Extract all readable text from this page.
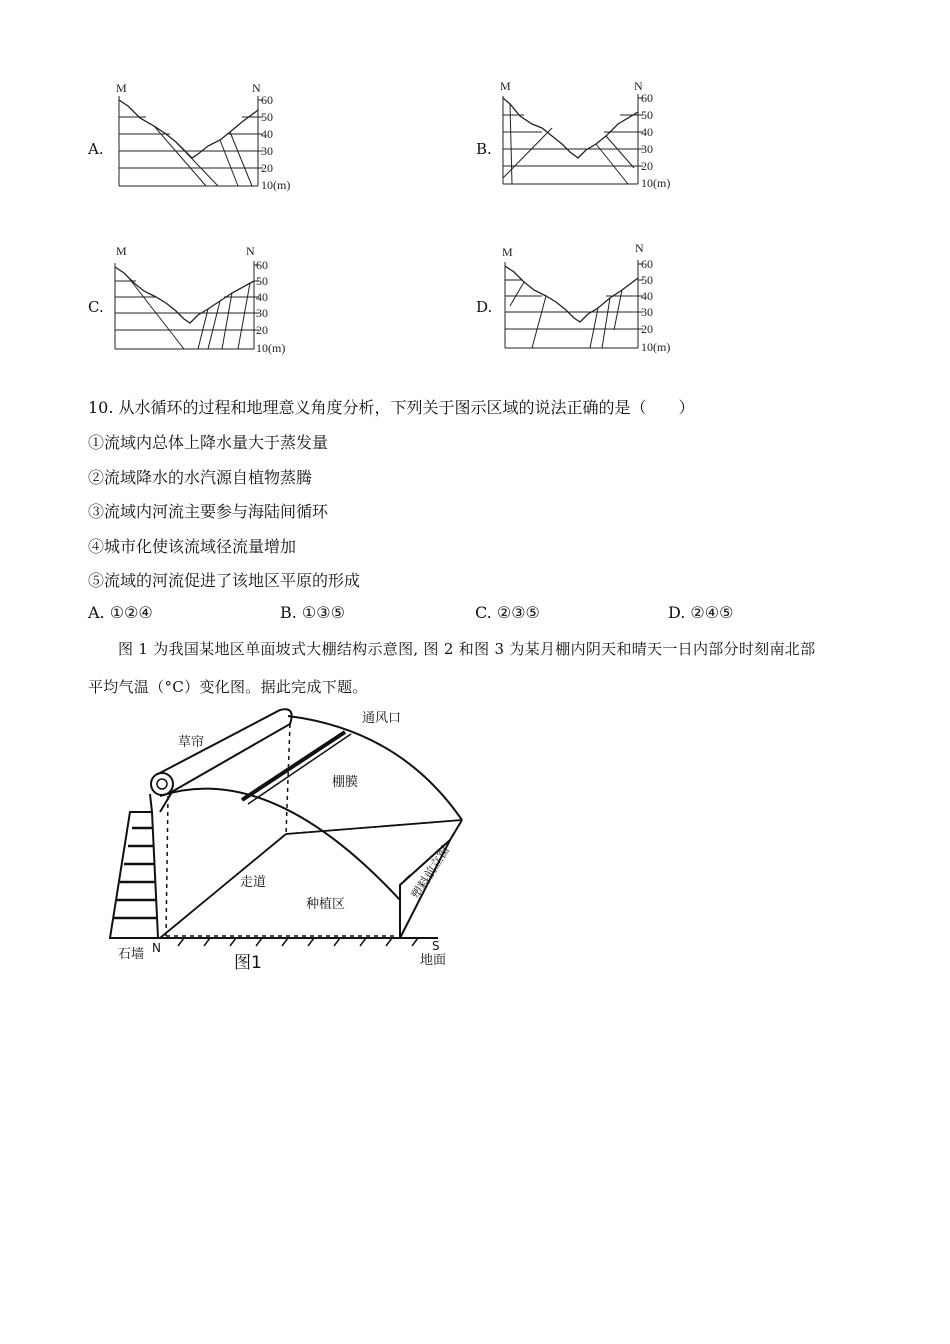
A.
M	N
60
50
40
30
20
10(m)
B.
M	N
60
50
40
30
20
10(m)
C.
M	N
60
50
40
30
20
10(m)
D.
M	N
60
50
40
30
20
10(m)
10. 从水循环的过程和地理意义角度分析，下列关于图示区域的说法正确的是（　　）
①流域内总体上降水量大于蒸发量
②流域降水的水汽源自植物蒸腾
③流域内河流主要参与海陆间循环
④城市化使该流域径流量增加
⑤流域的河流促进了该地区平原的形成
A. ①②④	B. ①③⑤	C. ②③⑤	D. ②④⑤
图 1 为我国某地区单面坡式大棚结构示意图, 图 2 和图 3 为某月棚内阴天和晴天一日内部分时刻南北部
平均气温（°C）变化图。据此完成下题。
草帘
通风口
棚膜
走道
种植区
塑料前立窗
石墙 N	S
地面
图1
